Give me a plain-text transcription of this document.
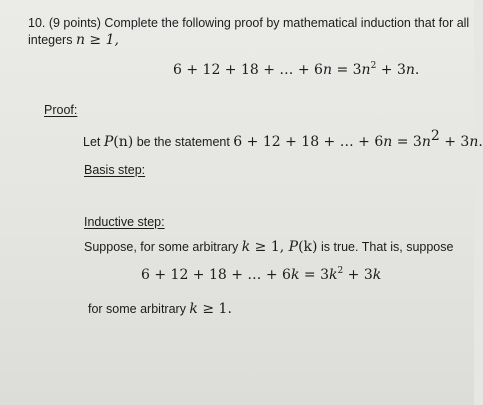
10. (9 points) Complete the following proof by mathematical induction that for all
integers n ≥ 1,
6 + 12 + 18 + … + $6n = 3n^2 + 3n$.
Proof:
Let P(n) be the statement 6 + 12 + 18 + … + $6n = 3n^2 + 3n$.
Basis step:
Inductive step:
Suppose, for some arbitrary k ≥ 1, P(k) is true. That is, suppose
6 + 12 + 18 + … + $6k = 3k^2 + 3k$
for some arbitrary k ≥ 1.
